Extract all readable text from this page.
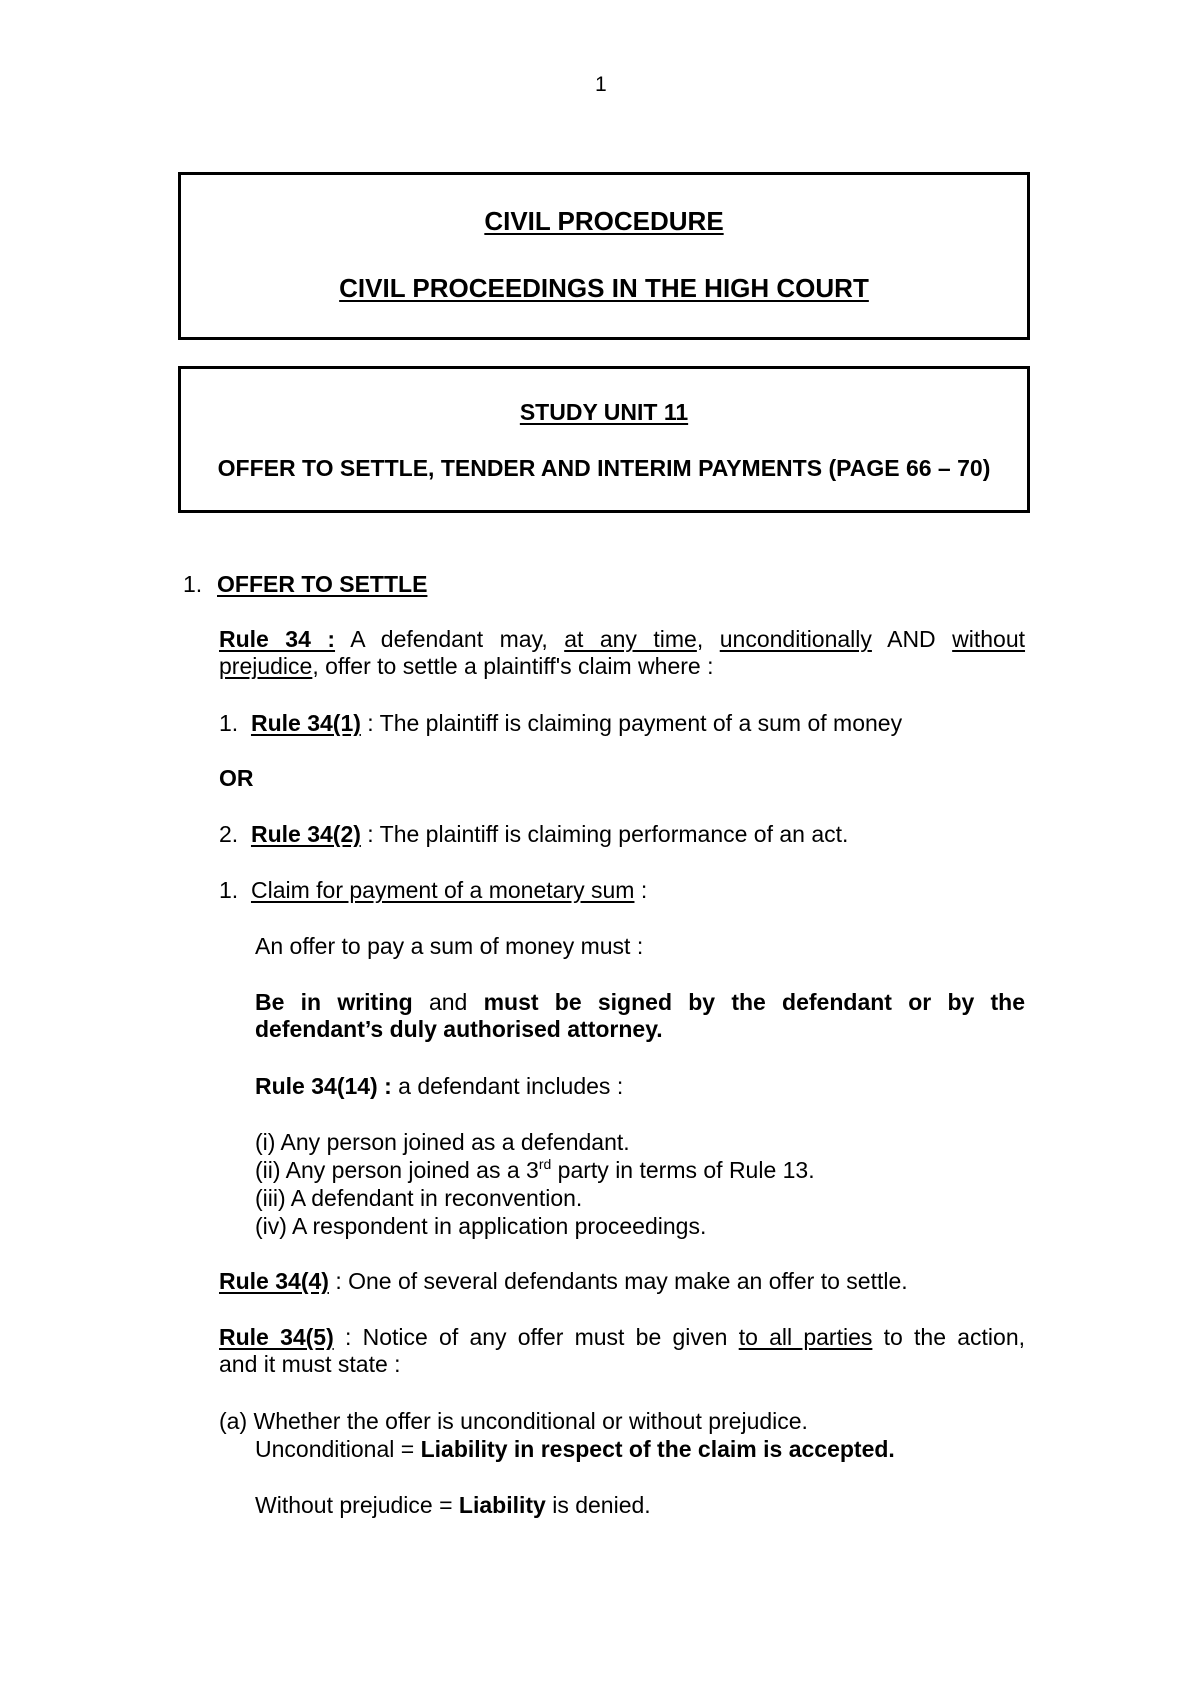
1
CIVIL PROCEDURE
CIVIL PROCEEDINGS IN THE HIGH COURT
STUDY UNIT 11
OFFER TO SETTLE, TENDER AND INTERIM PAYMENTS (PAGE 66 – 70)
1. OFFER TO SETTLE
Rule 34 : A defendant may, at any time, unconditionally AND without
prejudice, offer to settle a plaintiff's claim where :
1. Rule 34(1) : The plaintiff is claiming payment of a sum of money
OR
2. Rule 34(2) : The plaintiff is claiming performance of an act.
1. Claim for payment of a monetary sum :
An offer to pay a sum of money must :
Be in writing and must be signed by the defendant or by the
defendant’s duly authorised attorney.
Rule 34(14) : a defendant includes :
(i) Any person joined as a defendant.
(ii) Any person joined as a 3rd party in terms of Rule 13.
(iii) A defendant in reconvention.
(iv) A respondent in application proceedings.
Rule 34(4) : One of several defendants may make an offer to settle.
Rule 34(5) : Notice of any offer must be given to all parties to the action,
and it must state :
(a) Whether the offer is unconditional or without prejudice.
Unconditional = Liability in respect of the claim is accepted.
Without prejudice = Liability is denied.
